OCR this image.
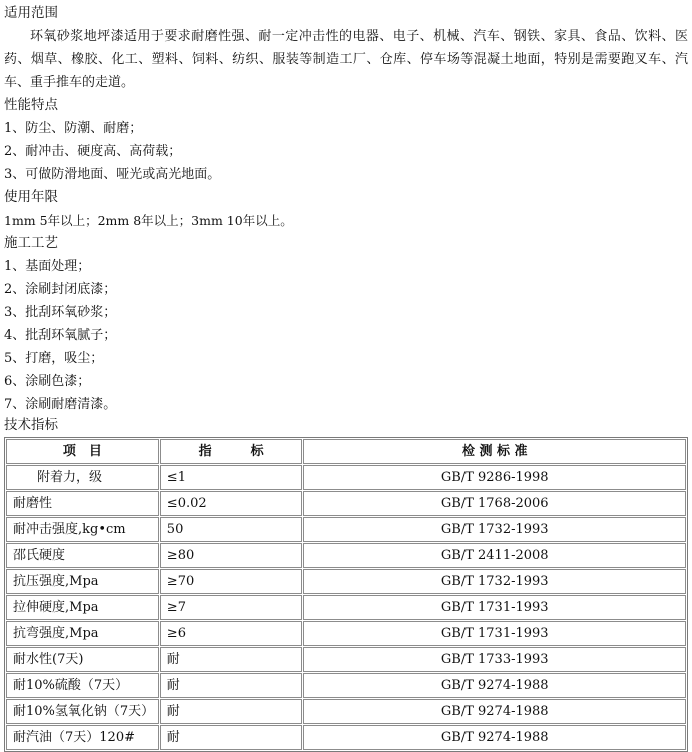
适用范围
环氧砂浆地坪漆适用于要求耐磨性强、耐一定冲击性的电器、电子、机械、汽车、钢铁、家具、食品、饮料、医药、烟草、橡胶、化工、塑料、饲料、纺织、服装等制造工厂、仓库、停车场等混凝土地面，特别是需要跑叉车、汽车、重手推车的走道。
性能特点
1、防尘、防潮、耐磨；
2、耐冲击、硬度高、高荷载；
3、可做防滑地面、哑光或高光地面。
使用年限
1mm 5年以上；2mm 8年以上；3mm 10年以上。
施工工艺
1、基面处理；
2、涂刷封闭底漆；
3、批刮环氧砂浆；
4、批刮环氧腻子；
5、打磨，吸尘；
6、涂刷色漆；
7、涂刷耐磨清漆。
技术指标
项　目	指　　　标	检 测 标 准
附着力，级	≤1	GB/T 9286-1998
耐磨性	≤0.02	GB/T 1768-2006
耐冲击强度,kg•cm	50	GB/T 1732-1993
邵氏硬度	≥80	GB/T 2411-2008
抗压强度,Mpa	≥70	GB/T 1732-1993
拉伸硬度,Mpa	≥7	GB/T 1731-1993
抗弯强度,Mpa	≥6	GB/T 1731-1993
耐水性(7天)	耐	GB/T 1733-1993
耐10%硫酸（7天）	耐	GB/T 9274-1988
耐10%氢氧化钠（7天）	耐	GB/T 9274-1988
耐汽油（7天）120#	耐	GB/T 9274-1988
